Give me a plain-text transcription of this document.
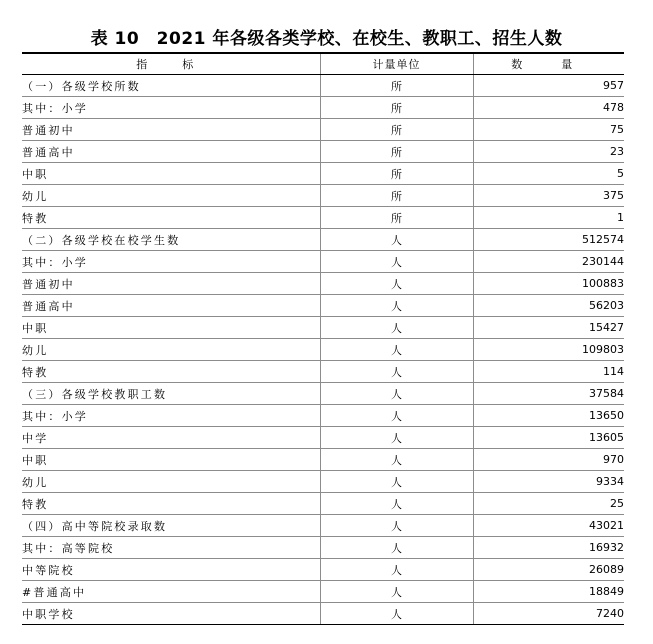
表 10　2021 年各级各类学校、在校生、教职工、招生人数
指　标	计量单位	数　量
（一）各级学校所数	所	957
其中：小学	所	478
普通初中	所	75
普通高中	所	23
中职	所	5
幼儿	所	375
特教	所	1
（二）各级学校在校学生数	人	512574
其中：小学	人	230144
普通初中	人	100883
普通高中	人	56203
中职	人	15427
幼儿	人	109803
特教	人	114
（三）各级学校教职工数	人	37584
其中：小学	人	13650
中学	人	13605
中职	人	970
幼儿	人	9334
特教	人	25
（四）高中等院校录取数	人	43021
其中：高等院校	人	16932
中等院校	人	26089
#普通高中	人	18849
中职学校	人	7240
